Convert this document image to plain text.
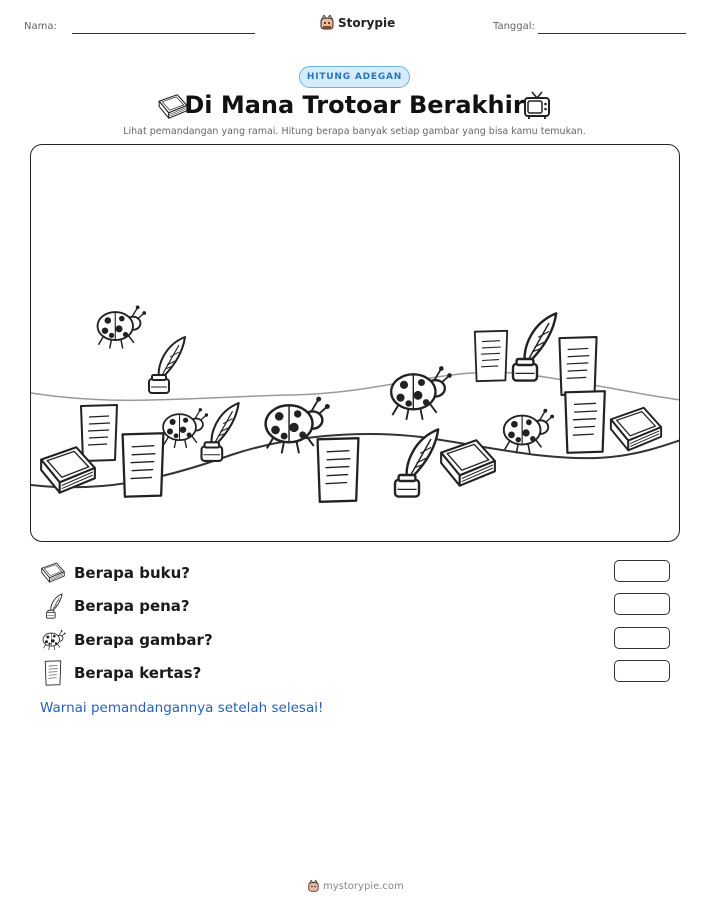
Nama:	Storypie	Tanggal:
HITUNG ADEGAN
Di Mana Trotoar Berakhir
Lihat pemandangan yang ramai. Hitung berapa banyak setiap gambar yang bisa kamu temukan.
Berapa buku?
Berapa pena?
Berapa gambar?
Berapa kertas?
Warnai pemandangannya setelah selesai!
mystorypie.com
